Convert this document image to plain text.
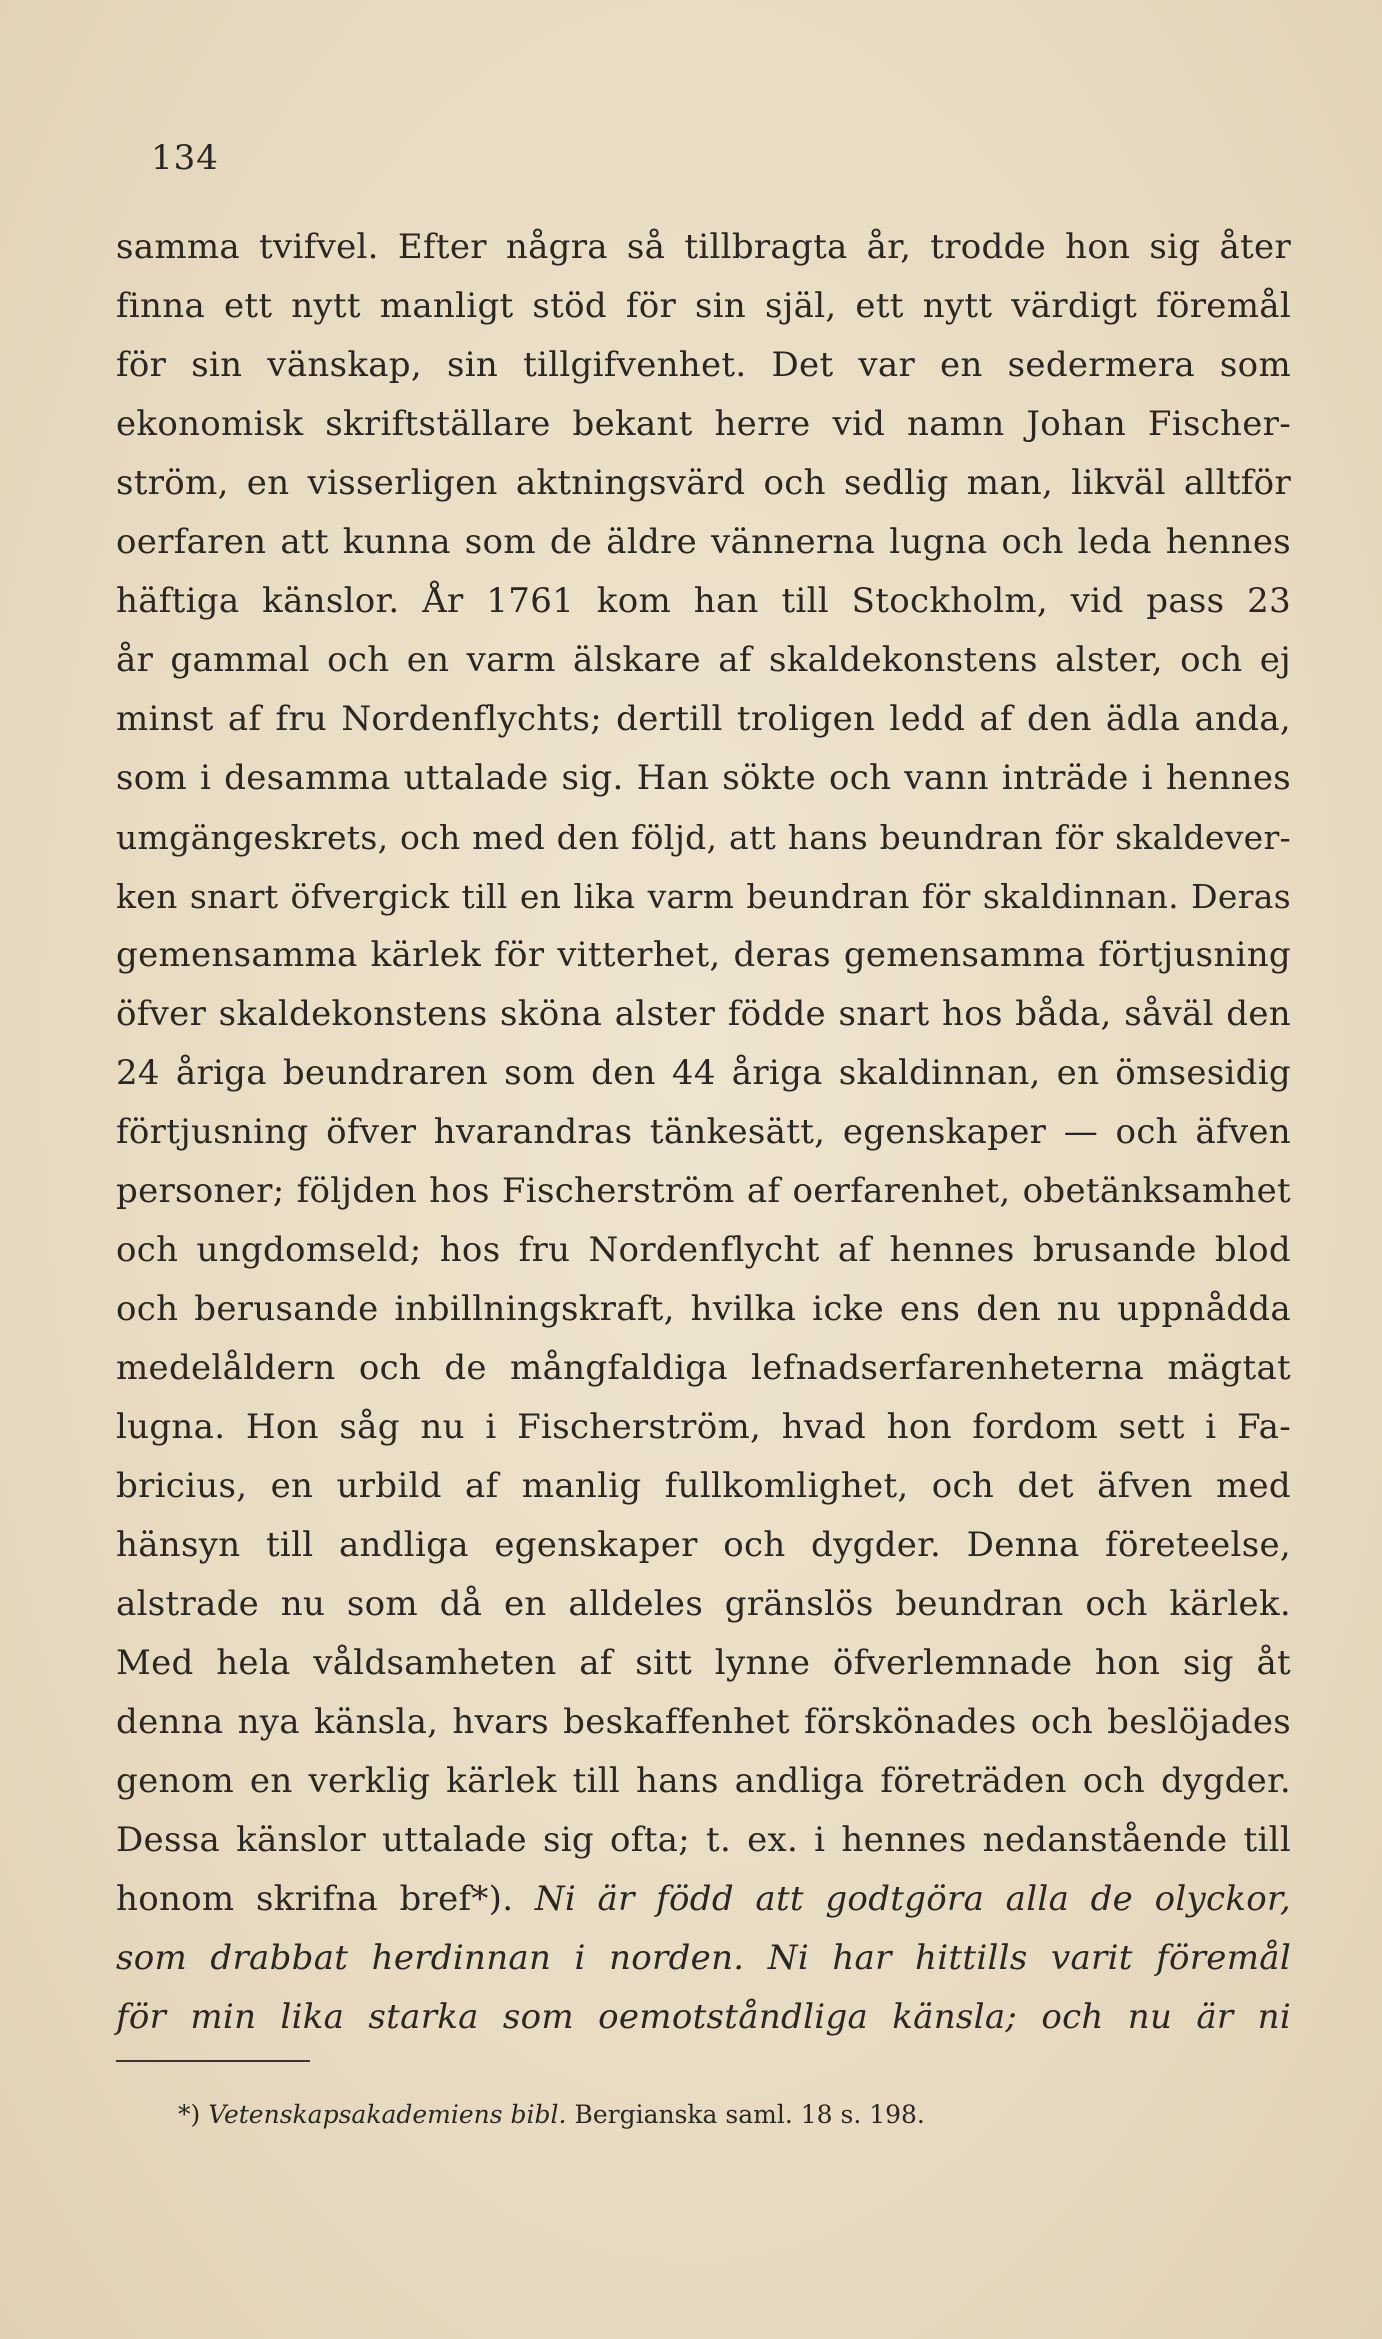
134
samma tvifvel. Efter några så tillbragta år, trodde hon sig åter
finna ett nytt manligt stöd för sin själ, ett nytt värdigt föremål
för sin vänskap, sin tillgifvenhet. Det var en sedermera som
ekonomisk skriftställare bekant herre vid namn Johan Fischer-
ström, en visserligen aktningsvärd och sedlig man, likväl alltför
oerfaren att kunna som de äldre vännerna lugna och leda hennes
häftiga känslor. År 1761 kom han till Stockholm, vid pass 23
år gammal och en varm älskare af skaldekonstens alster, och ej
minst af fru Nordenflychts; dertill troligen ledd af den ädla anda,
som i desamma uttalade sig. Han sökte och vann inträde i hennes
umgängeskrets, och med den följd, att hans beundran för skaldever-
ken snart öfvergick till en lika varm beundran för skaldinnan. Deras
gemensamma kärlek för vitterhet, deras gemensamma förtjusning
öfver skaldekonstens sköna alster födde snart hos båda, såväl den
24 åriga beundraren som den 44 åriga skaldinnan, en ömsesidig
förtjusning öfver hvarandras tänkesätt, egenskaper — och äfven
personer; följden hos Fischerström af oerfarenhet, obetänksamhet
och ungdomseld; hos fru Nordenflycht af hennes brusande blod
och berusande inbillningskraft, hvilka icke ens den nu uppnådda
medelåldern och de mångfaldiga lefnadserfarenheterna mägtat
lugna. Hon såg nu i Fischerström, hvad hon fordom sett i Fa-
bricius, en urbild af manlig fullkomlighet, och det äfven med
hänsyn till andliga egenskaper och dygder. Denna företeelse,
alstrade nu som då en alldeles gränslös beundran och kärlek.
Med hela våldsamheten af sitt lynne öfverlemnade hon sig åt
denna nya känsla, hvars beskaffenhet förskönades och beslöjades
genom en verklig kärlek till hans andliga företräden och dygder.
Dessa känslor uttalade sig ofta; t. ex. i hennes nedanstående till
honom skrifna bref*). Ni är född att godtgöra alla de olyckor,
som drabbat herdinnan i norden. Ni har hittills varit föremål
för min lika starka som oemotståndliga känsla; och nu är ni
*) Vetenskapsakademiens bibl. Bergianska saml. 18 s. 198.
